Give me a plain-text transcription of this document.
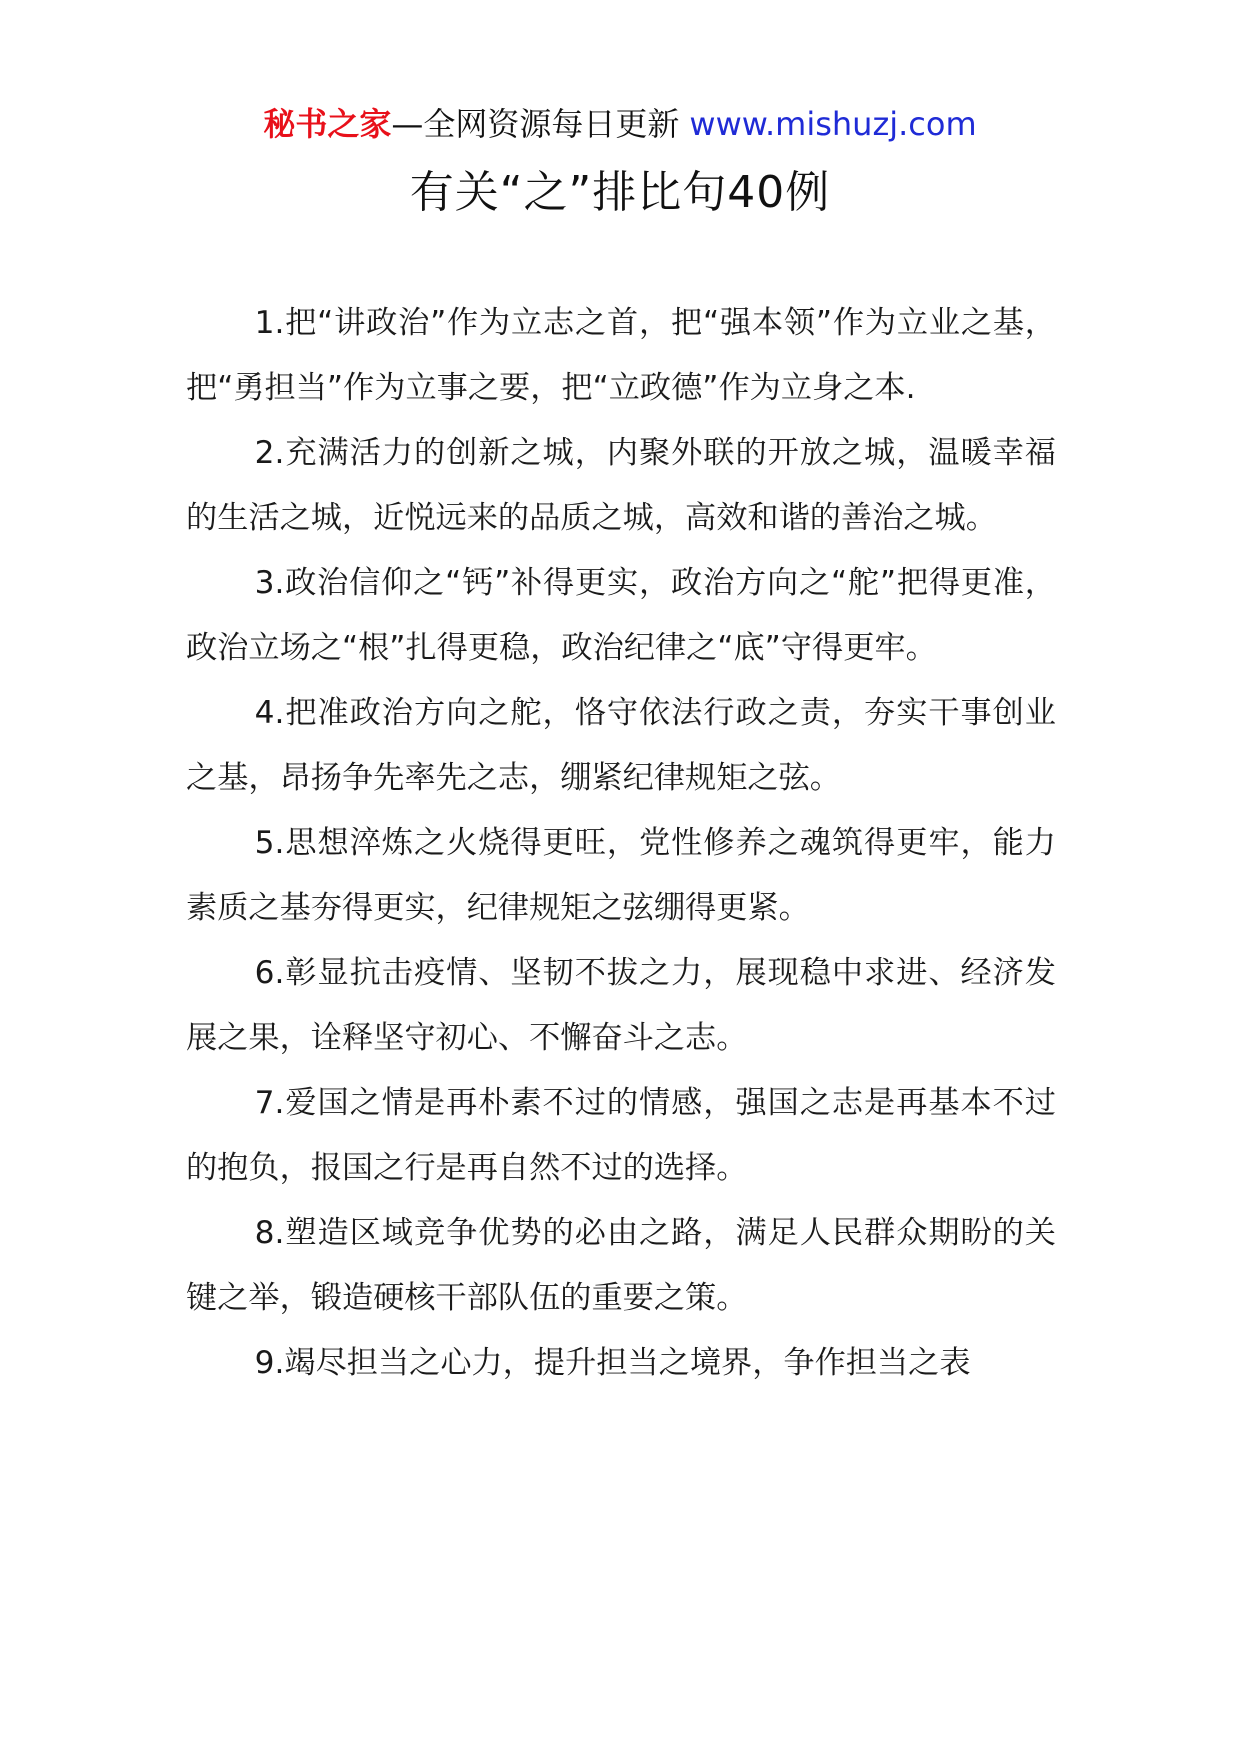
秘书之家—全网资源每日更新 www.mishuzj.com
有关“之”排比句40例

1.把“讲政治”作为立志之首，把“强本领”作为立业之基，把“勇担当”作为立事之要，把“立政德”作为立身之本.

2.充满活力的创新之城，内聚外联的开放之城，温暖幸福的生活之城，近悦远来的品质之城，高效和谐的善治之城。

3.政治信仰之“钙”补得更实，政治方向之“舵”把得更准，政治立场之“根”扎得更稳，政治纪律之“底”守得更牢。

4.把准政治方向之舵，恪守依法行政之责，夯实干事创业之基，昂扬争先率先之志，绷紧纪律规矩之弦。

5.思想淬炼之火烧得更旺，党性修养之魂筑得更牢，能力素质之基夯得更实，纪律规矩之弦绷得更紧。

6.彰显抗击疫情、坚韧不拔之力，展现稳中求进、经济发展之果，诠释坚守初心、不懈奋斗之志。

7.爱国之情是再朴素不过的情感，强国之志是再基本不过的抱负，报国之行是再自然不过的选择。

8.塑造区域竞争优势的必由之路，满足人民群众期盼的关键之举，锻造硬核干部队伍的重要之策。

9.竭尽担当之心力，提升担当之境界，争作担当之表
